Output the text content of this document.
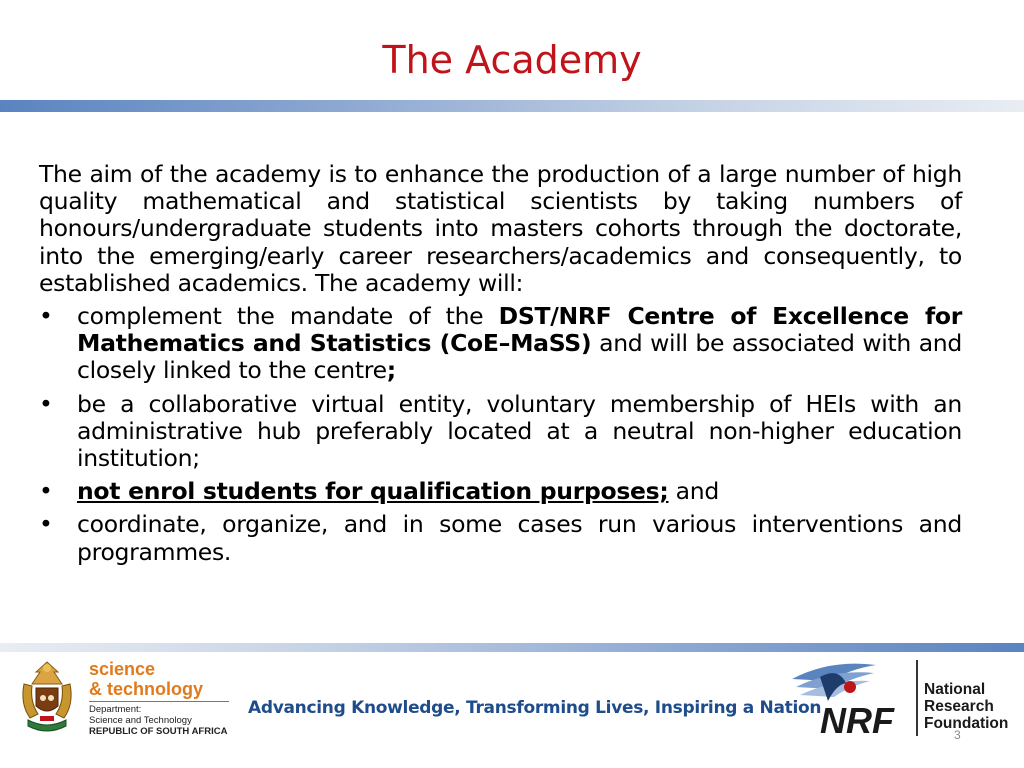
The Academy

The aim of the academy is to enhance the production of a large number of high quality mathematical and statistical scientists by taking numbers of honours/undergraduate students into masters cohorts through the doctorate, into the emerging/early career researchers/academics and consequently, to established academics. The academy will:

• complement the mandate of the DST/NRF Centre of Excellence for Mathematics and Statistics (CoE–MaSS) and will be associated with and closely linked to the centre;
• be a collaborative virtual entity, voluntary membership of HEIs with an administrative hub preferably located at a neutral non-higher education institution;
• not enrol students for qualification purposes; and
• coordinate, organize, and in some cases run various interventions and programmes.
science
& technology
Department:
Science and Technology
REPUBLIC OF SOUTH AFRICA
Advancing Knowledge, Transforming Lives, Inspiring a Nation
NRF
National
Research
Foundation
3
